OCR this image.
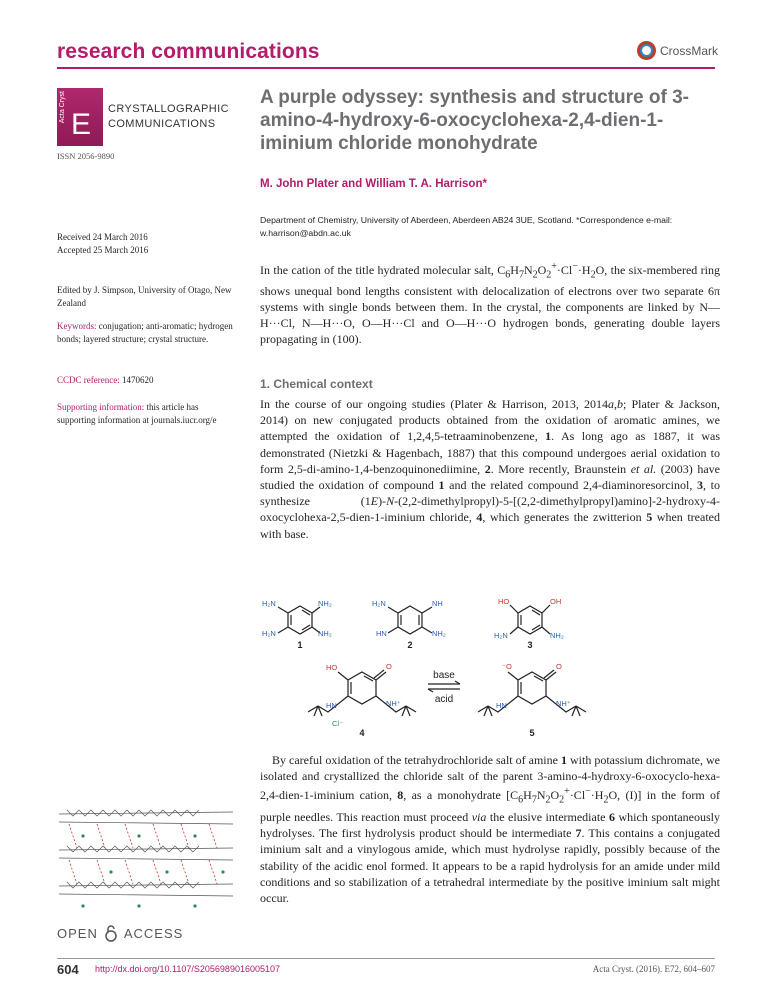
research communications	CrossMark
Acta Cryst
E CRYSTALLOGRAPHIC
COMMUNICATIONS
ISSN 2056-9890
Received 24 March 2016
Accepted 25 March 2016
Edited by J. Simpson, University of Otago, New Zealand
Keywords: conjugation; anti-aromatic; hydrogen bonds; layered structure; crystal structure.
CCDC reference: 1470620
Supporting information: this article has supporting information at journals.iucr.org/e
A purple odyssey: synthesis and structure of 3-amino-4-hydroxy-6-oxocyclohexa-2,4-dien-1-iminium chloride monohydrate
M. John Plater and William T. A. Harrison*
Department of Chemistry, University of Aberdeen, Aberdeen AB24 3UE, Scotland. *Correspondence e-mail: w.harrison@abdn.ac.uk
In the cation of the title hydrated molecular salt, $C_6H_7N_2O_2^+\cdot Cl^-\cdot H_2O$, the six-membered ring shows unequal bond lengths consistent with delocalization of electrons over two separate 6π systems with single bonds between them. In the crystal, the components are linked by N—H···Cl, N—H···O, O—H···Cl and O—H···O hydrogen bonds, generating double layers propagating in (100).
1. Chemical context
In the course of our ongoing studies (Plater & Harrison, 2013, 2014a,b; Plater & Jackson, 2014) on new conjugated products obtained from the oxidation of aromatic amines, we attempted the oxidation of 1,2,4,5-tetraaminobenzene, 1. As long ago as 1887, it was demonstrated (Nietzki & Hagenbach, 1887) that this compound undergoes aerial oxidation to form 2,5-di-amino-1,4-benzoquinonediimine, 2. More recently, Braunstein et al. (2003) have studied the oxidation of compound 1 and the related compound 2,4-diaminoresorcinol, 3, to synthesize (1E)-N-(2,2-dimethylpropyl)-5-[(2,2-dimethylpropyl)amino]-2-hydroxy-4-oxocyclohexa-2,5-dien-1-iminium chloride, 4, which generates the zwitterion 5 when treated with base.
H₂N	NH₂
H₂N	NH₂
H₂N	NH
HN	NH₂
HO	OH
H₂N	NH₂
HO	O
HN	NH⁺
Cl⁻
⁻O	O
HN	NH⁺
1	2	3
4	5
base
acid
By careful oxidation of the tetrahydrochloride salt of amine 1 with potassium dichromate, we isolated and crystallized the chloride salt of the parent 3-amino-4-hydroxy-6-oxocyclo-hexa-2,4-dien-1-iminium cation, 8, as a monohydrate [$C_6H_7N_2O_2^+\cdot Cl^-\cdot H_2O$, (I)] in the form of purple needles. This reaction must proceed via the elusive intermediate 6 which spontaneously hydrolyses. The first hydrolysis product should be intermediate 7. This contains a conjugated iminium salt and a vinylogous amide, which must hydrolyse rapidly, possibly because of the stability of the acidic enol formed. It appears to be a rapid hydrolysis for an amide under mild conditions and so stabilization of a tetrahedral intermediate by the positive iminium salt might occur.
OPEN ACCESS
604 http://dx.doi.org/10.1107/S2056989016005107	Acta Cryst. (2016). E72, 604–607
